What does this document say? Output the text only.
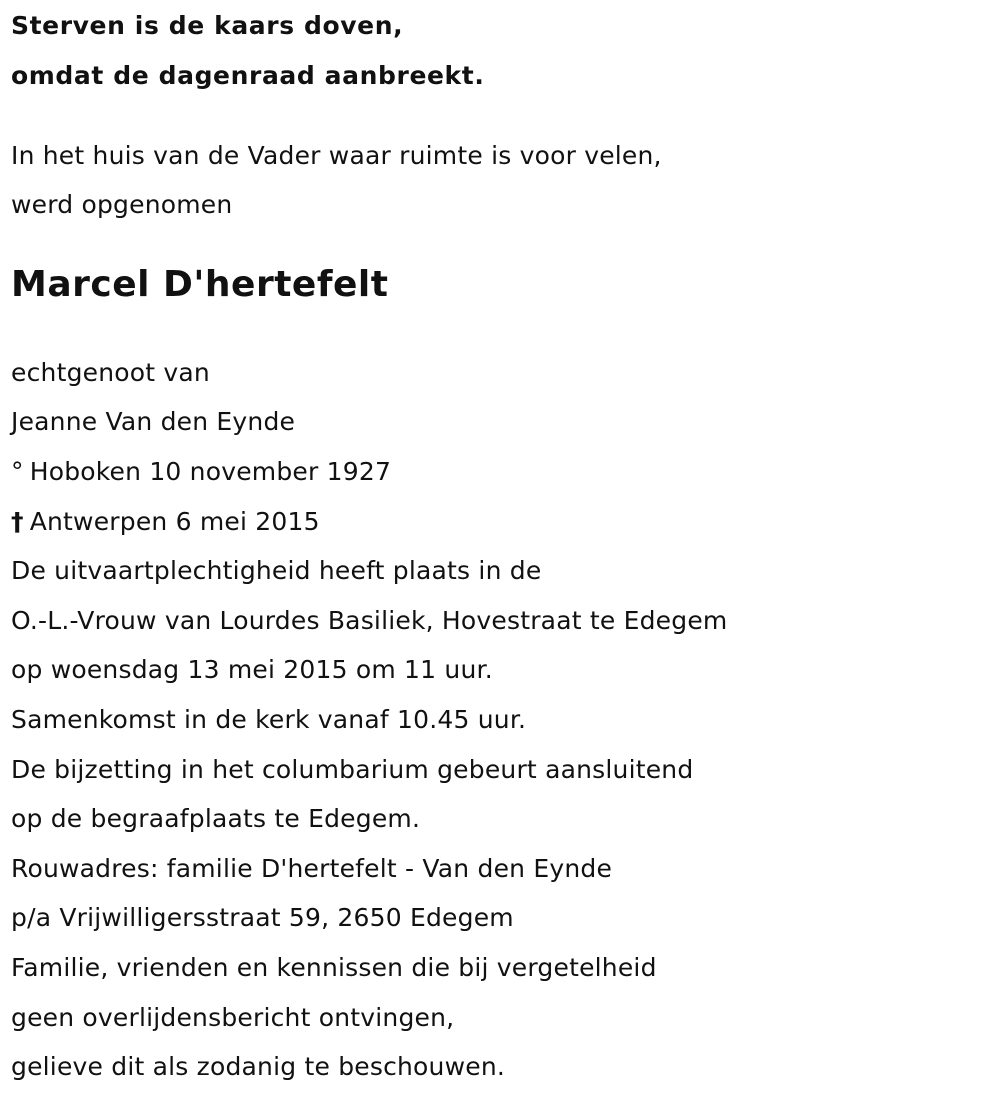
Sterven is de kaars doven,
omdat de dagenraad aanbreekt.
In het huis van de Vader waar ruimte is voor velen,
werd opgenomen
Marcel D'hertefelt
echtgenoot van
Jeanne Van den Eynde
° Hoboken 10 november 1927
† Antwerpen 6 mei 2015
De uitvaartplechtigheid heeft plaats in de
O.-L.-Vrouw van Lourdes Basiliek, Hovestraat te Edegem
op woensdag 13 mei 2015 om 11 uur.
Samenkomst in de kerk vanaf 10.45 uur.
De bijzetting in het columbarium gebeurt aansluitend
op de begraafplaats te Edegem.
Rouwadres: familie D'hertefelt - Van den Eynde
p/a Vrijwilligersstraat 59, 2650 Edegem
Familie, vrienden en kennissen die bij vergetelheid
geen overlijdensbericht ontvingen,
gelieve dit als zodanig te beschouwen.
